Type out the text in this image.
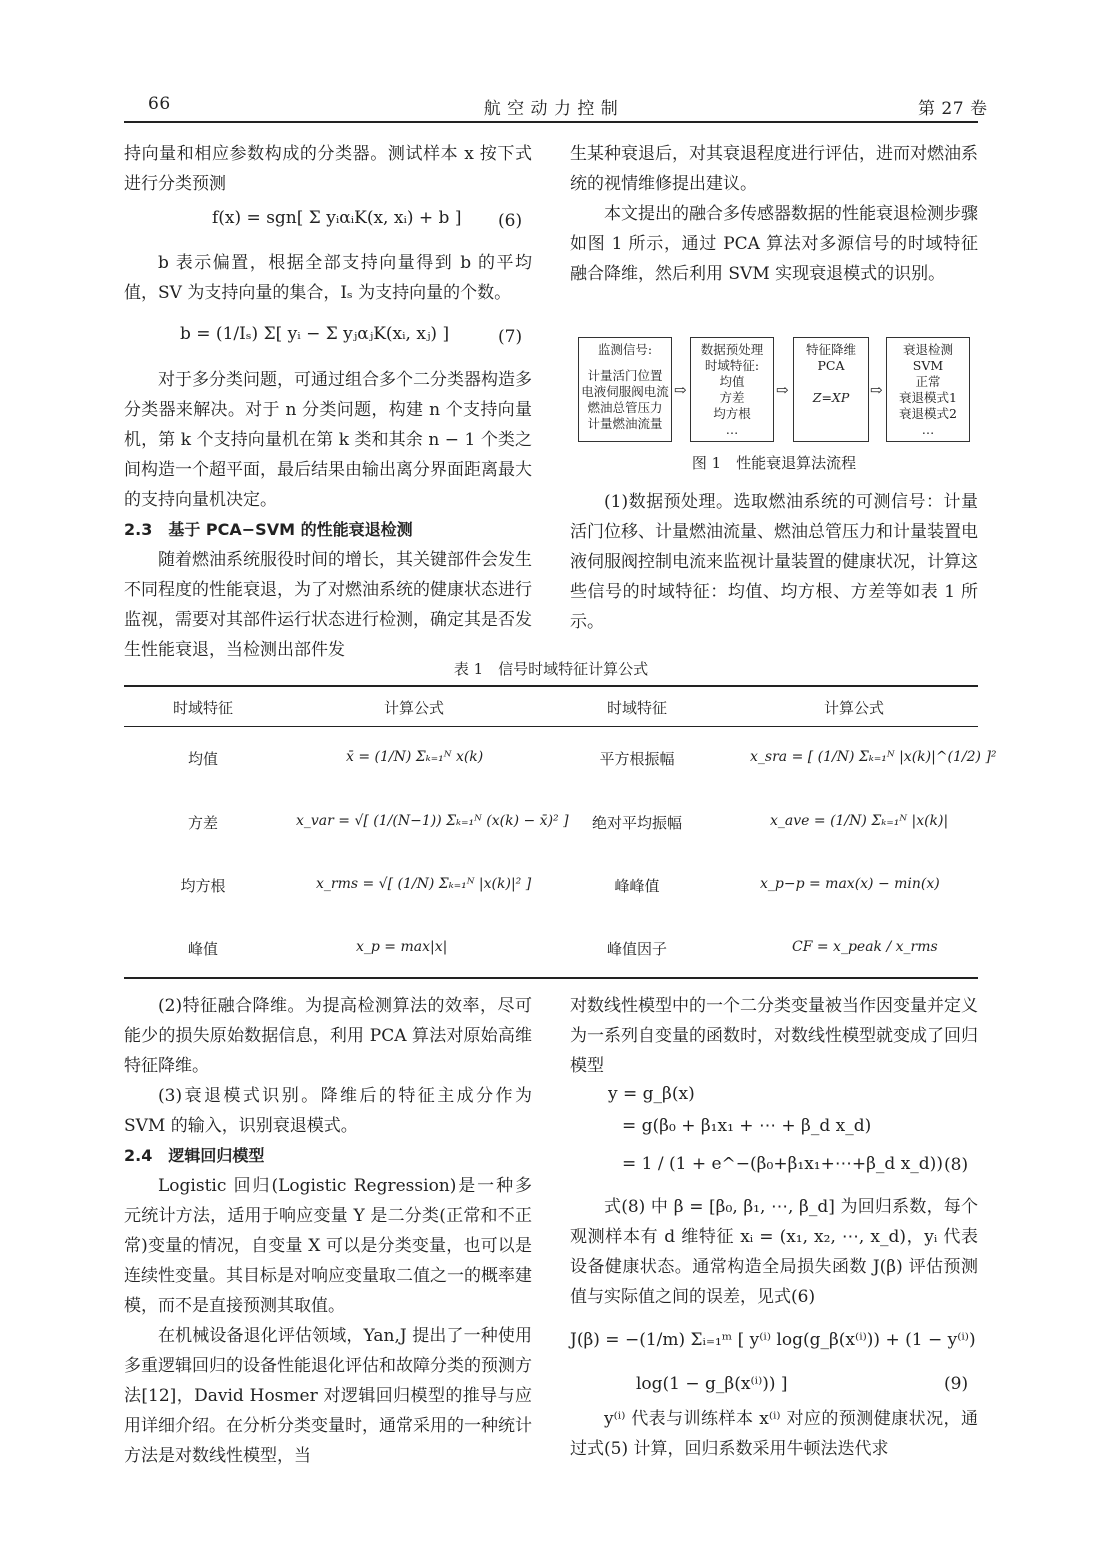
66	航 空 动 力 控 制	第 27 卷
持向量和相应参数构成的分类器。测试样本 x 按下式进行分类预测
f(x) = sgn[ Σ yᵢαᵢK(x, xᵢ) + b ] (6)
b 表示偏置，根据全部支持向量得到 b 的平均值，SV 为支持向量的集合，Iₛ 为支持向量的个数。
b = (1/Iₛ) Σ[ yᵢ − Σ yⱼαⱼK(xᵢ, xⱼ) ]	(7)
对于多分类问题，可通过组合多个二分类器构造多分类器来解决。对于 n 分类问题，构建 n 个支持向量机，第 k 个支持向量机在第 k 类和其余 n − 1 个类之间构造一个超平面，最后结果由输出离分界面距离最大的支持向量机决定。
2.3　基于 PCA−SVM 的性能衰退检测
随着燃油系统服役时间的增长，其关键部件会发生不同程度的性能衰退，为了对燃油系统的健康状态进行监视，需要对其部件运行状态进行检测，确定其是否发生性能衰退，当检测出部件发
生某种衰退后，对其衰退程度进行评估，进而对燃油系统的视情维修提出建议。
本文提出的融合多传感器数据的性能衰退检测步骤如图 1 所示，通过 PCA 算法对多源信号的时域特征融合降维，然后利用 SVM 实现衰退模式的识别。
监测信号:
计量活门位置
电液伺服阀电流
燃油总管压力
计量燃油流量
⇨
数据预处理
时域特征:
均值
方差
均方根
…
⇨
特征降维
PCA
Z=XP	⇨
衰退检测
SVM
正常
衰退模式1
衰退模式2
…
图 1　性能衰退算法流程
(1)数据预处理。选取燃油系统的可测信号：计量活门位移、计量燃油流量、燃油总管压力和计量装置电液伺服阀控制电流来监视计量装置的健康状况，计算这些信号的时域特征：均值、均方根、方差等如表 1 所示。
表 1　信号时域特征计算公式
时域特征	计算公式	时域特征	计算公式
均值	x̄ = (1/N) Σₖ₌₁ᴺ x(k)	平方根振幅	x_sra = [ (1/N) Σₖ₌₁ᴺ |x(k)|^(1/2) ]²
方差	x_var = √[ (1/(N−1)) Σₖ₌₁ᴺ (x(k) − x̄)² ]	绝对平均振幅	x_ave = (1/N) Σₖ₌₁ᴺ |x(k)|
均方根	x_rms = √[ (1/N) Σₖ₌₁ᴺ |x(k)|² ]	峰峰值	x_p−p = max(x) − min(x)
峰值	x_p = max|x|	峰值因子	CF = x_peak / x_rms
(2)特征融合降维。为提高检测算法的效率，尽可能少的损失原始数据信息，利用 PCA 算法对原始高维特征降维。
(3)衰退模式识别。降维后的特征主成分作为 SVM 的输入，识别衰退模式。
2.4　逻辑回归模型
Logistic 回归(Logistic Regression)是一种多元统计方法，适用于响应变量 Y 是二分类(正常和不正常)变量的情况，自变量 X 可以是分类变量，也可以是连续性变量。其目标是对响应变量取二值之一的概率建模，而不是直接预测其取值。
在机械设备退化评估领域，Yan,J 提出了一种使用多重逻辑回归的设备性能退化评估和故障分类的预测方法[12]，David Hosmer 对逻辑回归模型的推导与应用详细介绍。在分析分类变量时，通常采用的一种统计方法是对数线性模型，当
对数线性模型中的一个二分类变量被当作因变量并定义为一系列自变量的函数时，对数线性模型就变成了回归模型
y = g_β(x)
= g(β₀ + β₁x₁ + ⋯ + β_d x_d)
= 1 / (1 + e^−(β₀+β₁x₁+⋯+β_d x_d)) (8)
式(8) 中 β = [β₀, β₁, ⋯, β_d] 为回归系数，每个观测样本有 d 维特征 xᵢ = (x₁, x₂, ⋯, x_d)，yᵢ 代表设备健康状态。通常构造全局损失函数 J(β) 评估预测值与实际值之间的误差，见式(6)
J(β) = −(1/m) Σᵢ₌₁ᵐ [ y⁽ⁱ⁾ log(g_β(x⁽ⁱ⁾)) + (1 − y⁽ⁱ⁾)
log(1 − g_β(x⁽ⁱ⁾)) ]	(9)
y⁽ⁱ⁾ 代表与训练样本 x⁽ⁱ⁾ 对应的预测健康状况，通过式(5) 计算，回归系数采用牛顿法迭代求
